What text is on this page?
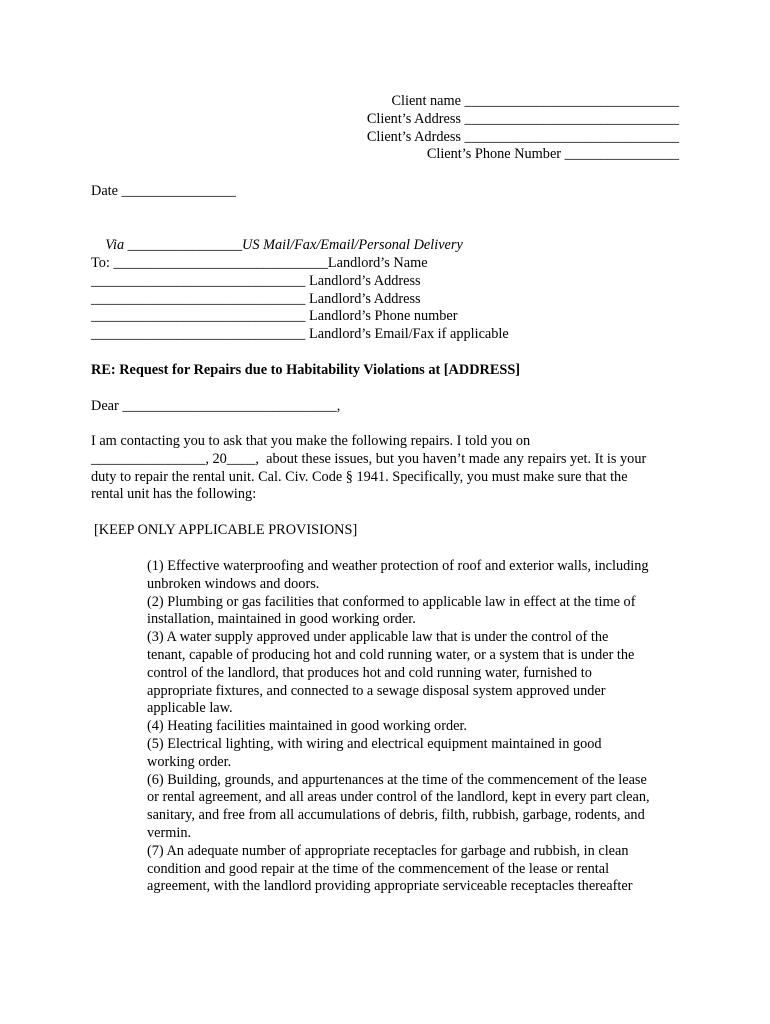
Client name ______________________________
Client’s Address ______________________________
Client’s Adrdess ______________________________
Client’s Phone Number ________________
Date ________________

Via ________________US Mail/Fax/Email/Personal Delivery

To: ______________________________Landlord’s Name
______________________________ Landlord’s Address
______________________________ Landlord’s Address
______________________________ Landlord’s Phone number
______________________________ Landlord’s Email/Fax if applicable
RE: Request for Repairs due to Habitability Violations at [ADDRESS]
Dear ______________________________,
I am contacting you to ask that you make the following repairs. I told you on
________________, 20____,  about these issues, but you haven’t made any repairs yet. It is your
duty to repair the rental unit. Cal. Civ. Code § 1941. Specifically, you must make sure that the
rental unit has the following:
[KEEP ONLY APPLICABLE PROVISIONS]
(1) Effective waterproofing and weather protection of roof and exterior walls, including
unbroken windows and doors.
(2) Plumbing or gas facilities that conformed to applicable law in effect at the time of
installation, maintained in good working order.
(3) A water supply approved under applicable law that is under the control of the
tenant, capable of producing hot and cold running water, or a system that is under the
control of the landlord, that produces hot and cold running water, furnished to
appropriate fixtures, and connected to a sewage disposal system approved under
applicable law.
(4) Heating facilities maintained in good working order.
(5) Electrical lighting, with wiring and electrical equipment maintained in good
working order.
(6) Building, grounds, and appurtenances at the time of the commencement of the lease
or rental agreement, and all areas under control of the landlord, kept in every part clean,
sanitary, and free from all accumulations of debris, filth, rubbish, garbage, rodents, and
vermin.
(7) An adequate number of appropriate receptacles for garbage and rubbish, in clean
condition and good repair at the time of the commencement of the lease or rental
agreement, with the landlord providing appropriate serviceable receptacles thereafter
